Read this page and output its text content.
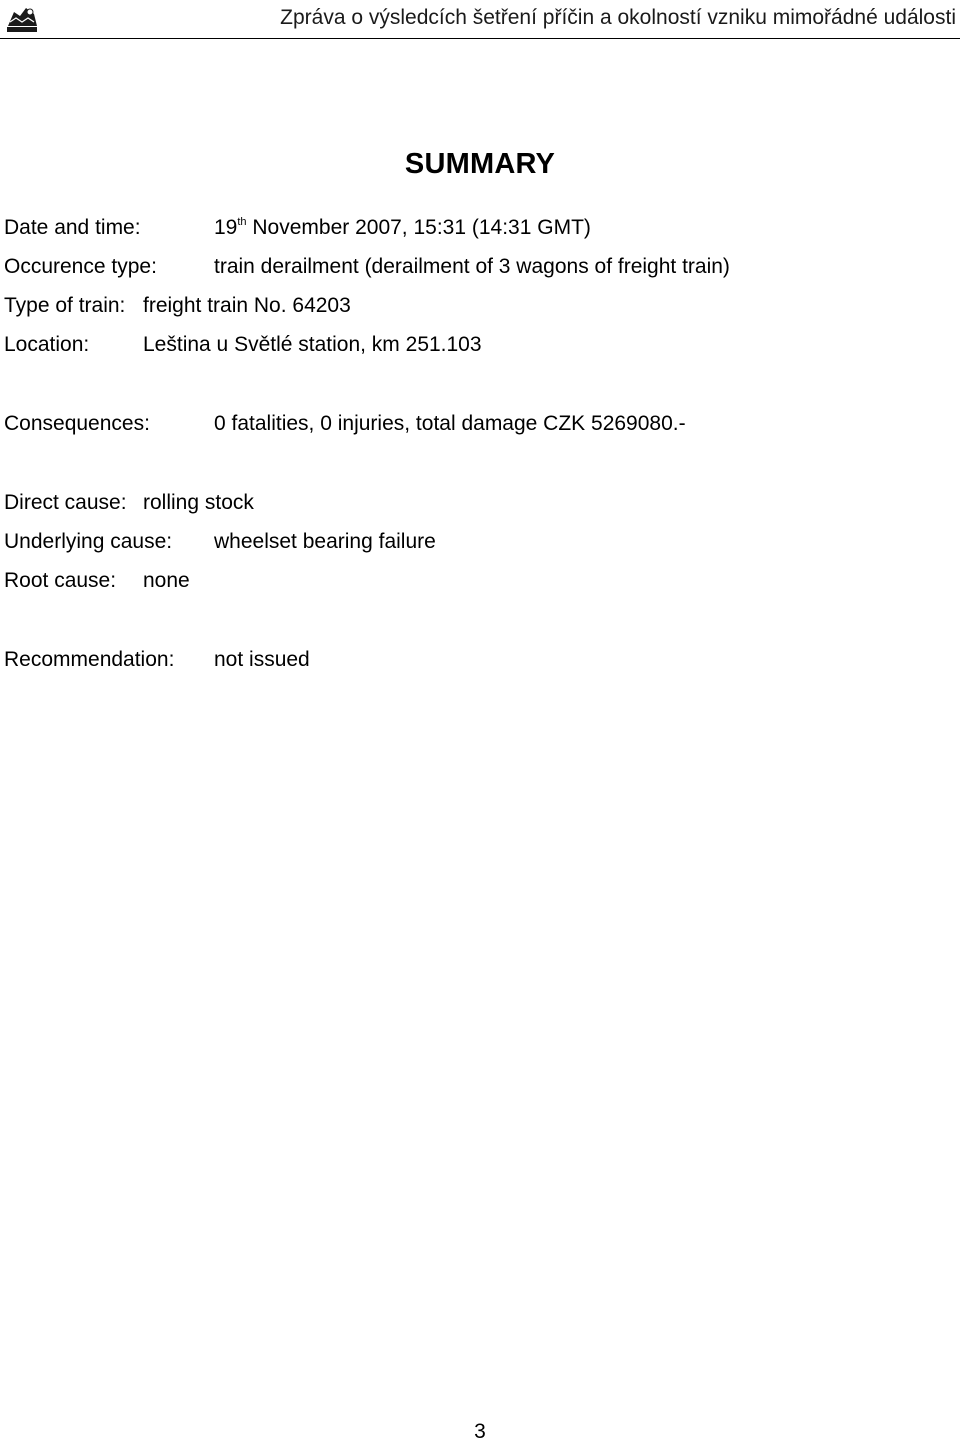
Zpráva o výsledcích šetření příčin a okolností vzniku mimořádné události
SUMMARY
Date and time:	19th November 2007, 15:31 (14:31 GMT)
Occurence type:	train derailment (derailment of 3 wagons of freight train)
Type of train: freight train No. 64203
Location:	Leština u Světlé station, km 251.103
Consequences:	0 fatalities, 0 injuries, total damage CZK 5269080.-
Direct cause: rolling stock
Underlying cause: wheelset bearing failure
Root cause: none
Recommendation: not issued
3
